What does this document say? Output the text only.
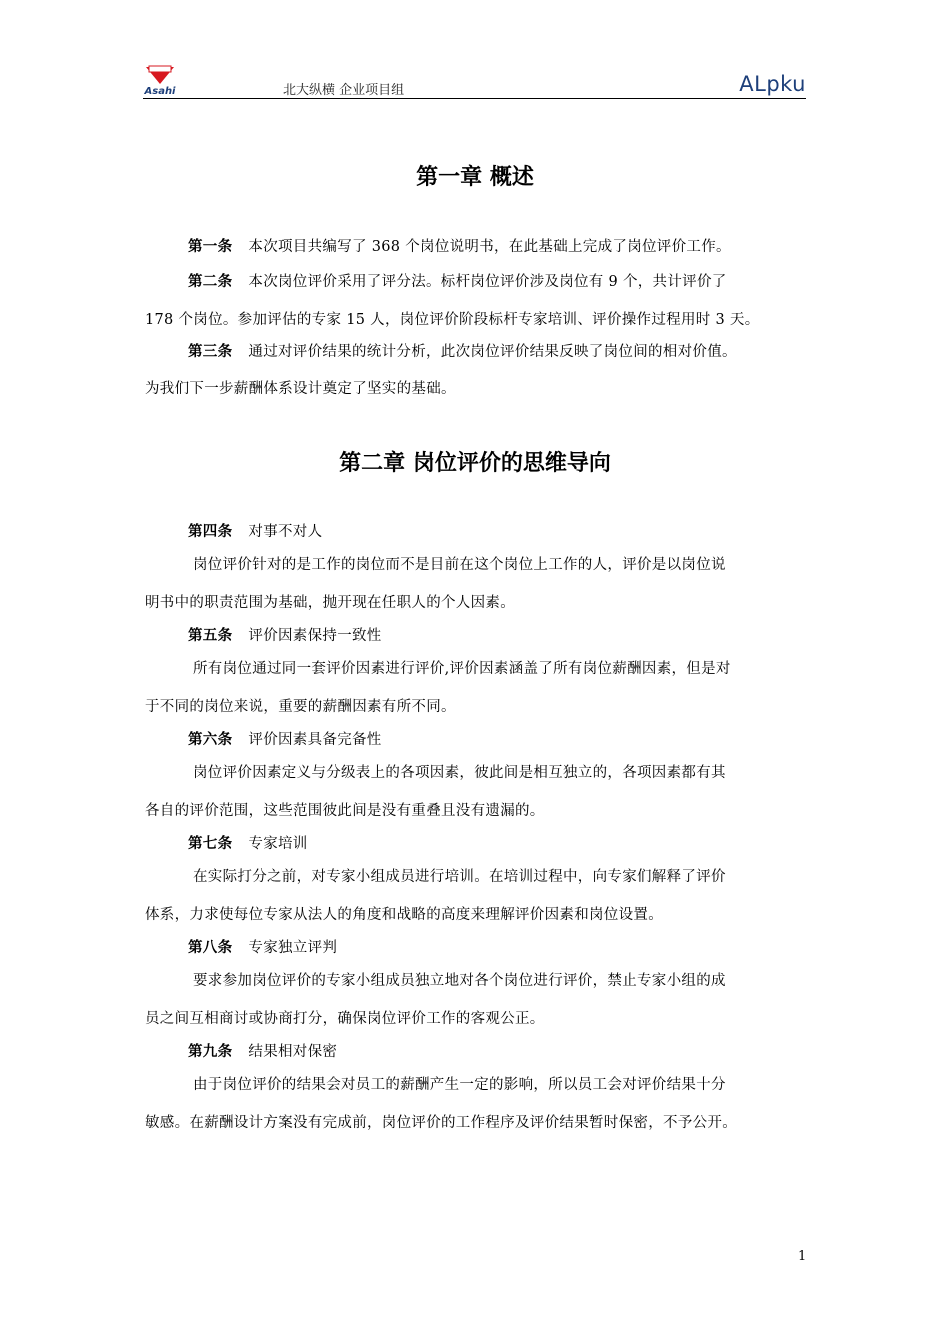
Asahi	北大纵横 企业项目组	ALpku
第一章 概述
第一条 本次项目共编写了 368 个岗位说明书，在此基础上完成了岗位评价工作。
第二条 本次岗位评价采用了评分法。标杆岗位评价涉及岗位有 9 个，共计评价了
178 个岗位。参加评估的专家 15 人，岗位评价阶段标杆专家培训、评价操作过程用时 3 天。
第三条 通过对评价结果的统计分析，此次岗位评价结果反映了岗位间的相对价值。
为我们下一步薪酬体系设计奠定了坚实的基础。
第二章 岗位评价的思维导向
第四条 对事不对人
岗位评价针对的是工作的岗位而不是目前在这个岗位上工作的人，评价是以岗位说
明书中的职责范围为基础，抛开现在任职人的个人因素。
第五条 评价因素保持一致性
所有岗位通过同一套评价因素进行评价,评价因素涵盖了所有岗位薪酬因素，但是对
于不同的岗位来说，重要的薪酬因素有所不同。
第六条 评价因素具备完备性
岗位评价因素定义与分级表上的各项因素，彼此间是相互独立的，各项因素都有其
各自的评价范围，这些范围彼此间是没有重叠且没有遗漏的。
第七条 专家培训
在实际打分之前，对专家小组成员进行培训。在培训过程中，向专家们解释了评价
体系，力求使每位专家从法人的角度和战略的高度来理解评价因素和岗位设置。
第八条 专家独立评判
要求参加岗位评价的专家小组成员独立地对各个岗位进行评价，禁止专家小组的成
员之间互相商讨或协商打分，确保岗位评价工作的客观公正。
第九条 结果相对保密
由于岗位评价的结果会对员工的薪酬产生一定的影响，所以员工会对评价结果十分
敏感。在薪酬设计方案没有完成前，岗位评价的工作程序及评价结果暂时保密，不予公开。
1
